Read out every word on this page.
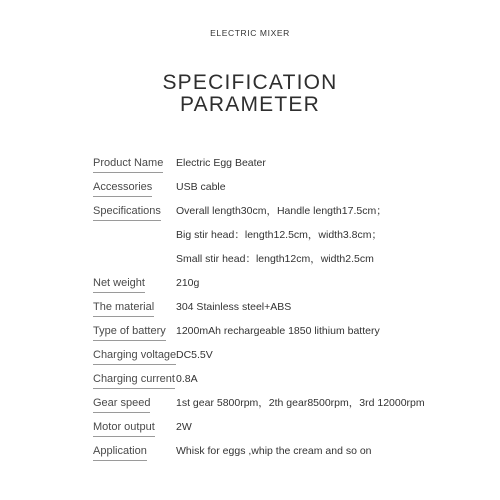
ELECTRIC MIXER
SPECIFICATION
PARAMETER
Product Name Electric Egg Beater
Accessories USB cable
Specifications Overall length30cm，Handle length17.5cm；
Big stir head：length12.5cm，width3.8cm；
Small stir head：length12cm，width2.5cm
Net weight	210g
The material 304 Stainless steel+ABS
Type of battery 1200mAh rechargeable 1850 lithium battery
Charging voltage DC5.5V
Charging current 0.8A
Gear speed 1st gear 5800rpm，2th gear8500rpm，3rd 12000rpm
Motor output 2W
Application	Whisk for eggs ,whip the cream and so on
